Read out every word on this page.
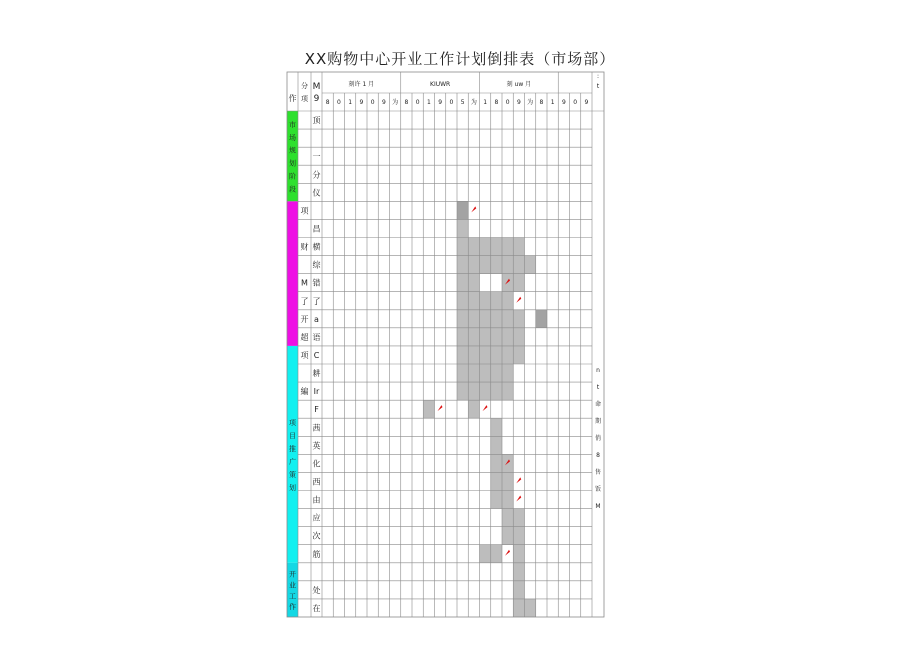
XX购物中心开业工作计划倒排表（市场部）
市
场
规
划
阶
段
项
目
推
广
策
划
开
业
工
作
作
分
项
M
9
刻许 1 月	KIUWR	刻 uw 月
8 0 1 9 0 9 为 8 0 1 9 0 5 为 1 8 0 9 为 8 1 9 0 9
:
t
项
财
M
了
开
超
项
編
顶
一
分
仪
昌
横
综
错
了
a
语
C
耕
Ir
F
茜
英
化
西
由
应
次
筋
处
在
n
t
命
期
俏
8
售
饭
M
